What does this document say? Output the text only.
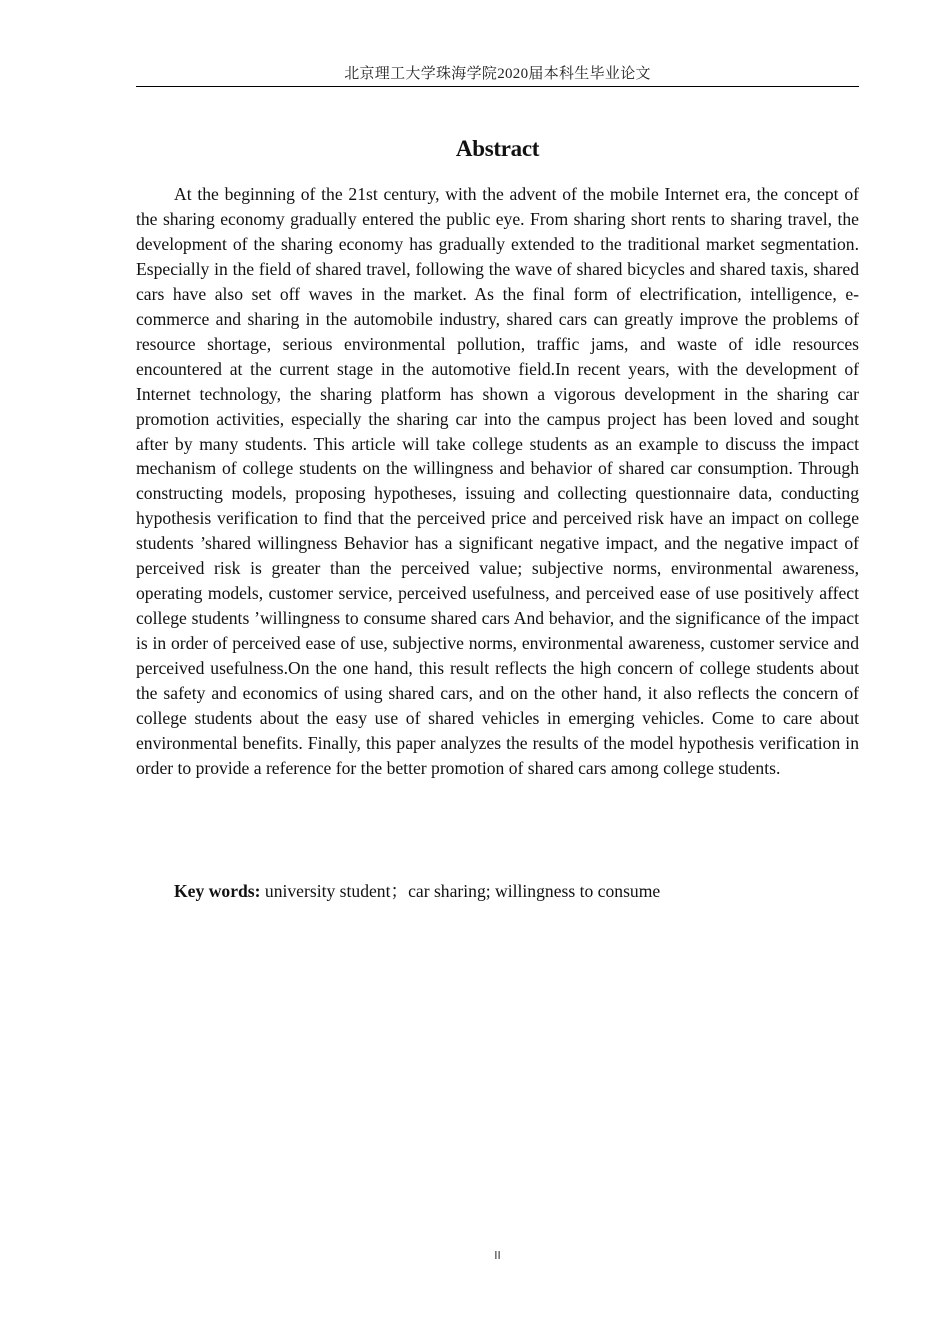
北京理工大学珠海学院2020届本科生毕业论文
Abstract

At the beginning of the 21st century, with the advent of the mobile Internet era, the concept of the sharing economy gradually entered the public eye. From sharing short rents to sharing travel, the development of the sharing economy has gradually extended to the traditional market segmentation. Especially in the field of shared travel, following the wave of shared bicycles and shared taxis, shared cars have also set off waves in the market. As the final form of electrification, intelligence, e-commerce and sharing in the automobile industry, shared cars can greatly improve the problems of resource shortage, serious environmental pollution, traffic jams, and waste of idle resources encountered at the current stage in the automotive field.In recent years, with the development of Internet technology, the sharing platform has shown a vigorous development in the sharing car promotion activities, especially the sharing car into the campus project has been loved and sought after by many students. This article will take college students as an example to discuss the impact mechanism of college students on the willingness and behavior of shared car consumption. Through constructing models, proposing hypotheses, issuing and collecting questionnaire data, conducting hypothesis verification to find that the perceived price and perceived risk have an impact on college students ’shared willingness Behavior has a significant negative impact, and the negative impact of perceived risk is greater than the perceived value; subjective norms, environmental awareness, operating models, customer service, perceived usefulness, and perceived ease of use positively affect college students ’willingness to consume shared cars And behavior, and the significance of the impact is in order of perceived ease of use, subjective norms, environmental awareness, customer service and perceived usefulness.On the one hand, this result reflects the high concern of college students about the safety and economics of using shared cars, and on the other hand, it also reflects the concern of college students about the easy use of shared vehicles in emerging vehicles. Come to care about environmental benefits. Finally, this paper analyzes the results of the model hypothesis verification in order to provide a reference for the better promotion of shared cars among college students.

Key words: university student；car sharing; willingness to consume
II
